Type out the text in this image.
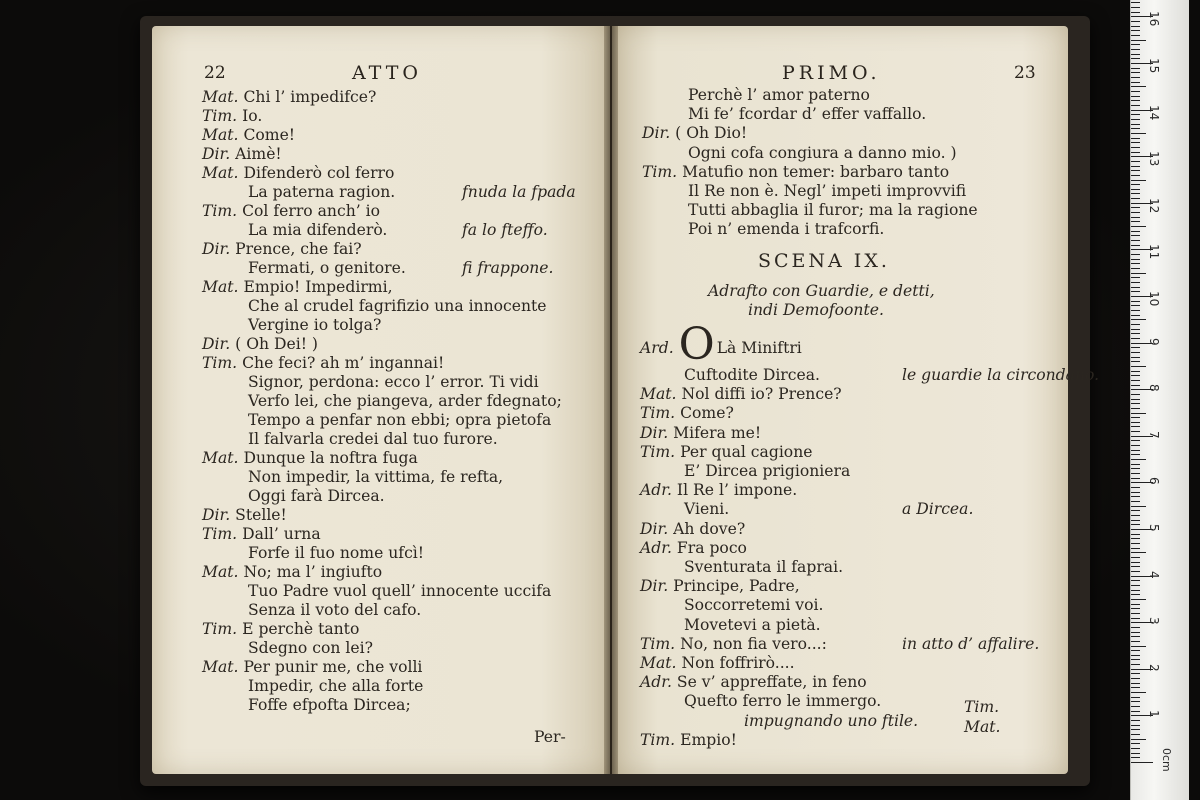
22	ATTO
Mat. Chi l’ impedifce?
Tim. Io.
Mat. Come!
Dir. Aimè!
Mat. Difenderò col ferro
La paterna ragion.	fnuda la fpada
Tim. Col ferro anch’ io
La mia difenderò.	fa lo fteffo.
Dir. Prence, che fai?
Fermati, o genitore.	fi frappone.
Mat. Empio! Impedirmi,
Che al crudel fagrifizio una innocente
Vergine io tolga?
Dir. ( Oh Dei! )
Tim. Che feci? ah m’ ingannai!
Signor, perdona: ecco l’ error. Ti vidi
Verfo lei, che piangeva, arder fdegnato;
Tempo a penfar non ebbi; opra pietofa
Il falvarla credei dal tuo furore.
Mat. Dunque la noftra fuga
Non impedir, la vittima, fe refta,
Oggi farà Dircea.
Dir. Stelle!
Tim. Dall’ urna
Forfe il fuo nome ufcì!
Mat. No; ma l’ ingiufto
Tuo Padre vuol quell’ innocente uccifa
Senza il voto del cafo.
Tim. E perchè tanto
Sdegno con lei?
Mat. Per punir me, che volli
Impedir, che alla forte
Foffe efpofta Dircea;
Per-
PRIMO.	23
Perchè l’ amor paterno
Mi fe’ fcordar d’ effer vaffallo.
Dir. ( Oh Dio!
Ogni cofa congiura a danno mio. )
Tim. Matufio non temer: barbaro tanto
Il Re non è. Negl’ impeti improvvifi
Tutti abbaglia il furor; ma la ragione
Poi n’ emenda i trafcorfi.
SCENA IX.
Adrafto con Guardie, e detti,
indi Demofoonte.
Ard. O Là Miniftri
Cuftodite Dircea.	le guardie la circondano.
Mat. Nol diffi io? Prence?
Tim. Come?
Dir. Mifera me!
Tim. Per qual cagione
E’ Dircea prigioniera
Adr. Il Re l’ impone.
Vieni.	a Dircea.
Dir. Ah dove?
Adr. Fra poco
Sventurata il faprai.
Dir. Principe, Padre,
Soccorretemi voi.
Movetevi a pietà.
Tim. No, non fia vero...:	in atto d’ affalire.
Mat. Non foffrirò....
Adr. Se v’ appreffate, in feno
Quefto ferro le immergo.
impugnando uno ftile.
Tim. Empio!
Tim.
Mat.
1
2
3
4
5
6
7
8
9
10
11
12
13
14
15
16
0cm
